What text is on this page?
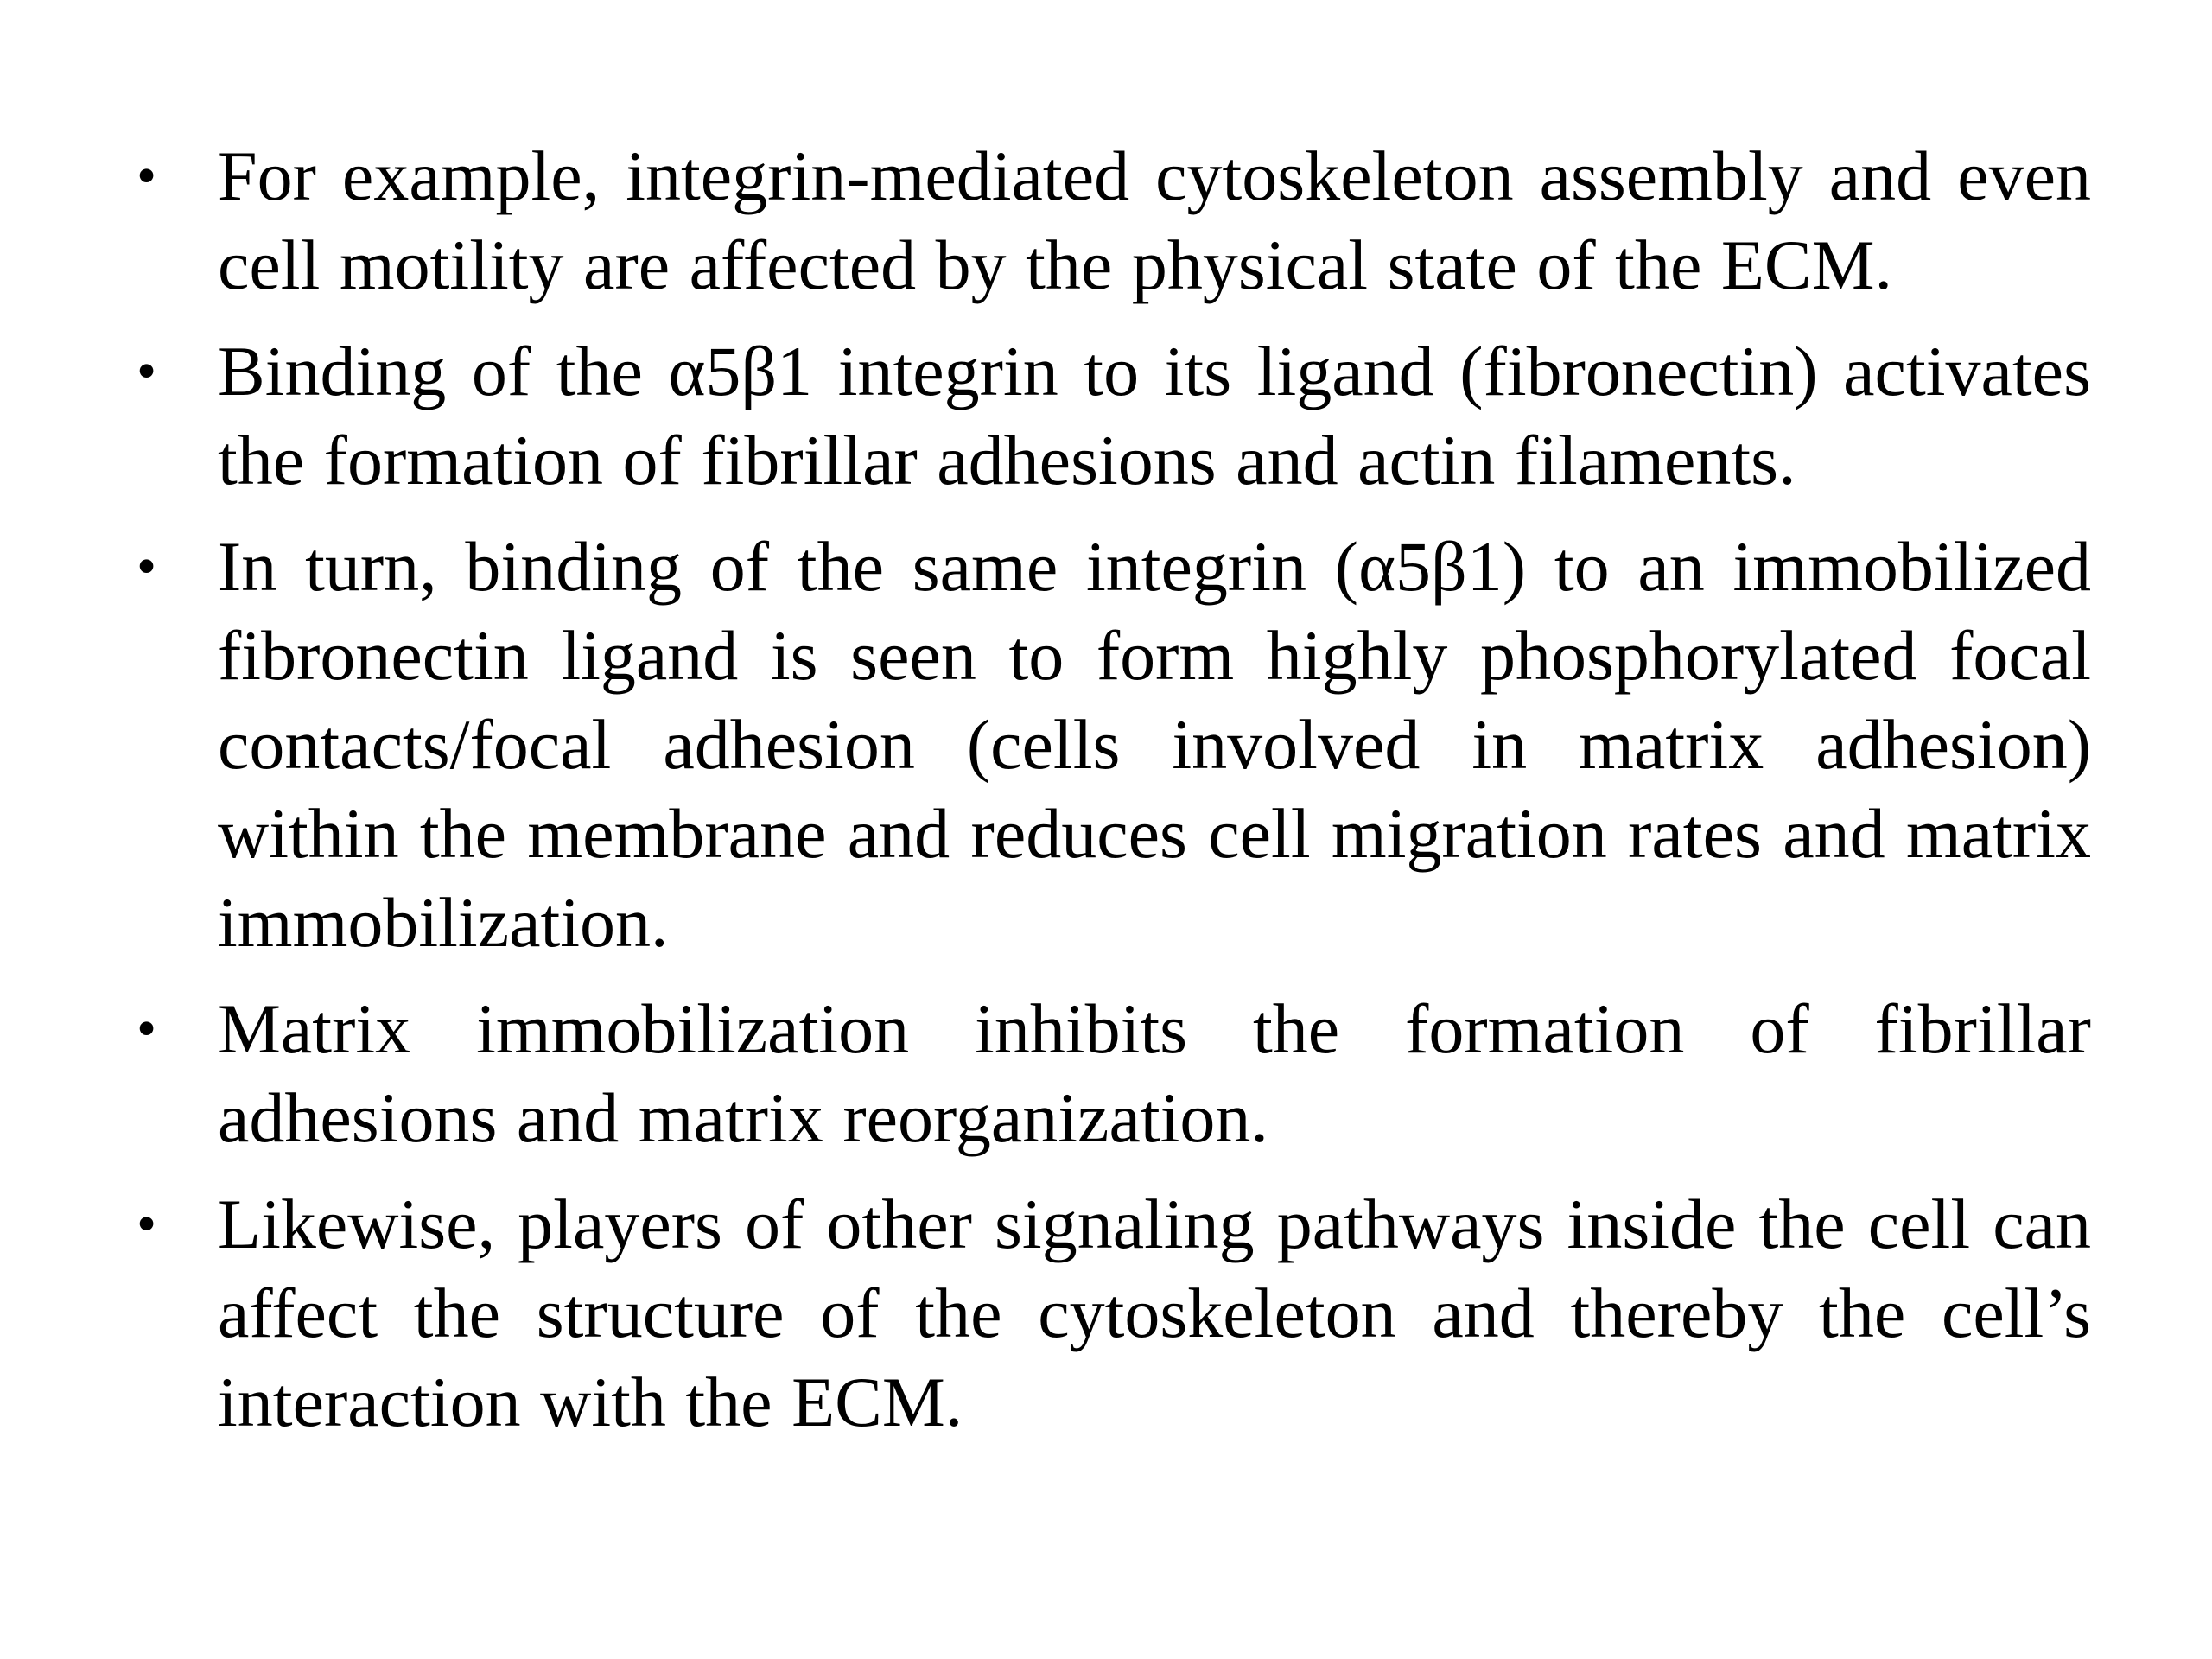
• For example, integrin-mediated cytoskeleton assembly and even cell motility are affected by the physical state of the ECM.
• Binding of the α5β1 integrin to its ligand (fibronectin) activates the formation of fibrillar adhesions and actin filaments.
• In turn, binding of the same integrin (α5β1) to an immobilized fibronectin ligand is seen to form highly phosphorylated focal contacts/focal adhesion (cells involved in matrix adhesion) within the membrane and reduces cell migration rates and matrix immobilization.
• Matrix immobilization inhibits the formation of fibrillar adhesions and matrix reorganization.
• Likewise, players of other signaling pathways inside the cell can affect the structure of the cytoskeleton and thereby the cell’s interaction with the ECM.
